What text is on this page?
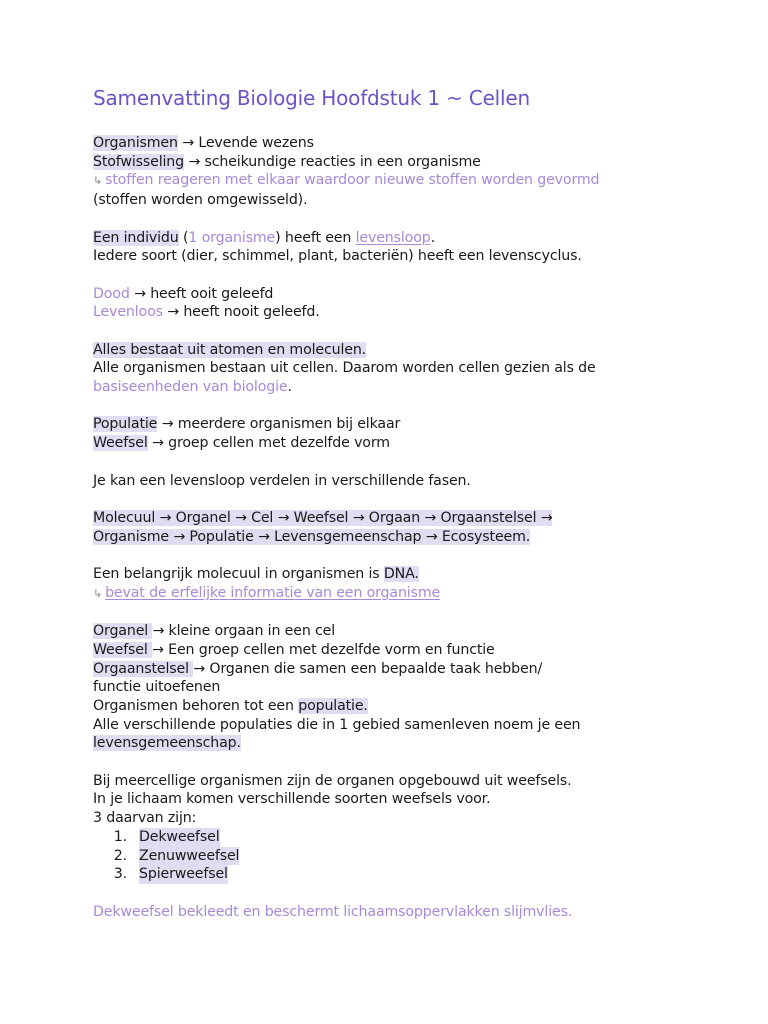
Samenvatting Biologie Hoofdstuk 1 ~ Cellen
Organismen → Levende wezens
Stofwisseling → scheikundige reacties in een organisme
↳ stoffen reageren met elkaar waardoor nieuwe stoffen worden gevormd
(stoffen worden omgewisseld).
Een individu (1 organisme) heeft een levensloop.
Iedere soort (dier, schimmel, plant, bacteriën) heeft een levenscyclus.
Dood → heeft ooit geleefd
Levenloos → heeft nooit geleefd.
Alles bestaat uit atomen en moleculen.
Alle organismen bestaan uit cellen. Daarom worden cellen gezien als de
basiseenheden van biologie.
Populatie → meerdere organismen bij elkaar
Weefsel → groep cellen met dezelfde vorm
Je kan een levensloop verdelen in verschillende fasen.
Molecuul → Organel → Cel → Weefsel → Orgaan → Orgaanstelsel →
Organisme → Populatie → Levensgemeenschap → Ecosysteem.
Een belangrijk molecuul in organismen is DNA.
↳ bevat de erfelijke informatie van een organisme
Organel → kleine orgaan in een cel
Weefsel → Een groep cellen met dezelfde vorm en functie
Orgaanstelsel → Organen die samen een bepaalde taak hebben/
functie uitoefenen
Organismen behoren tot een populatie.
Alle verschillende populaties die in 1 gebied samenleven noem je een
levensgemeenschap.
Bij meercellige organismen zijn de organen opgebouwd uit weefsels.
In je lichaam komen verschillende soorten weefsels voor.
3 daarvan zijn:
1. Dekweefsel
2. Zenuwweefsel
3. Spierweefsel
Dekweefsel bekleedt en beschermt lichaamsoppervlakken slijmvlies.
